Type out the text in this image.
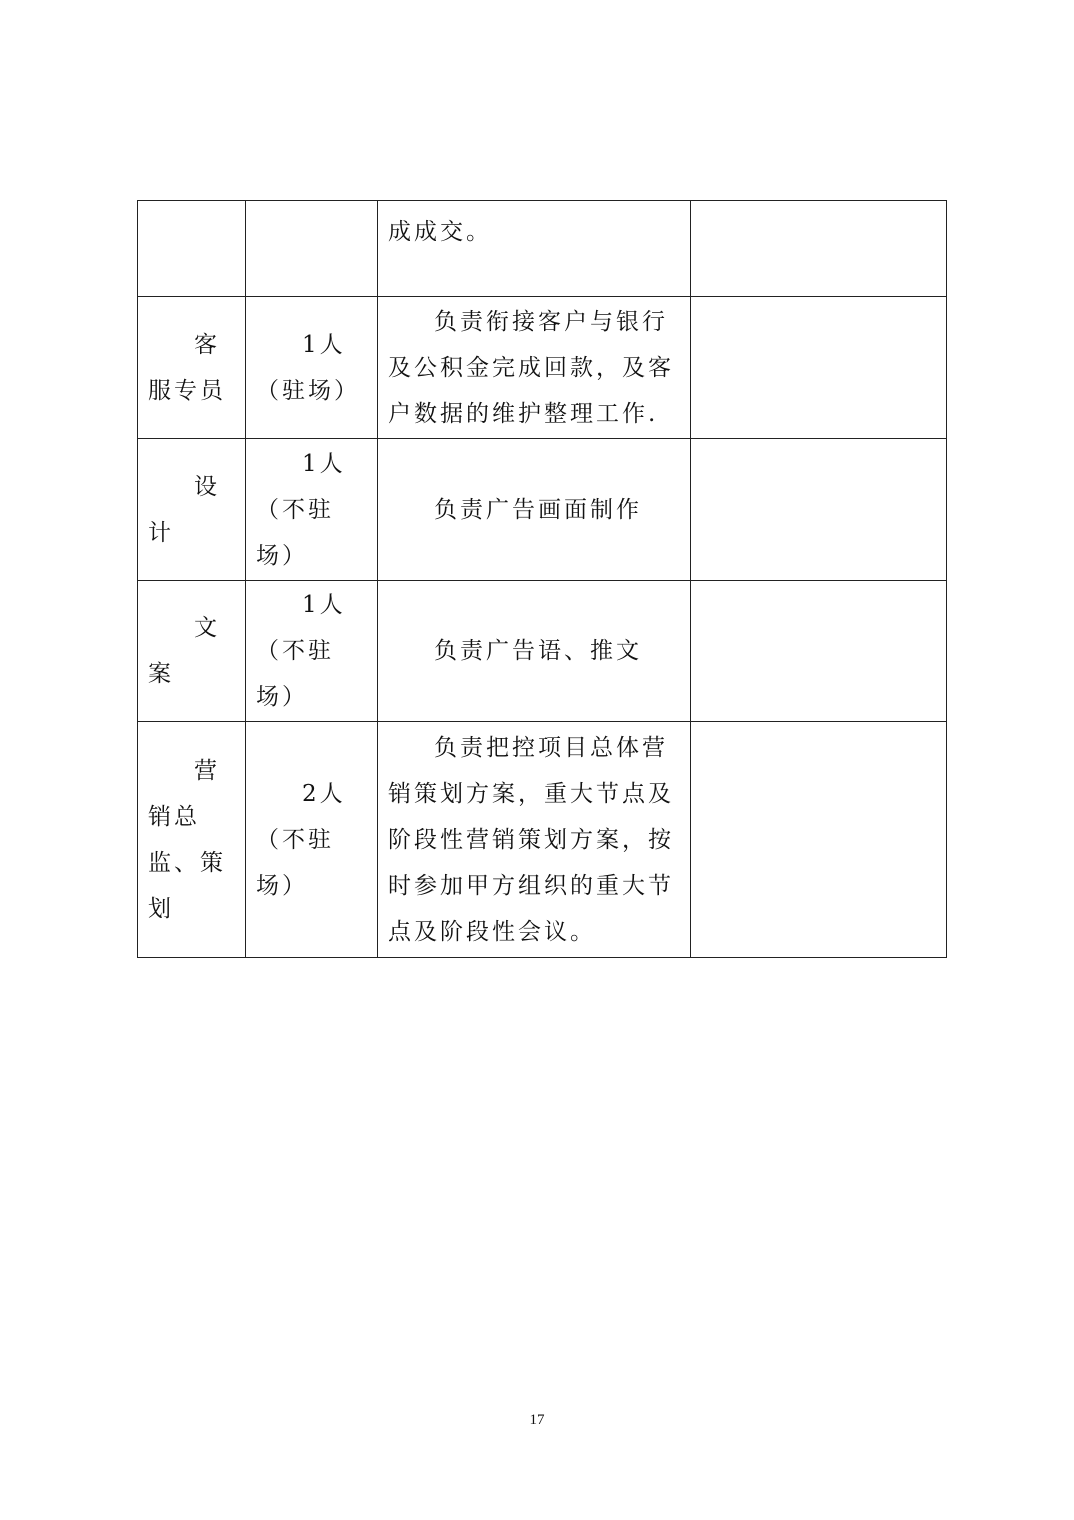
		成成交。	

客服专员	1人（驻场）	负责衔接客户与银行及公积金完成回款，及客户数据的维护整理工作.	

设计	1人（不驻场）	负责广告画面制作	

文案	1人（不驻场）	负责广告语、推文	

营销总监、策划	2人（不驻场）	负责把控项目总体营销策划方案，重大节点及阶段性营销策划方案，按时参加甲方组织的重大节点及阶段性会议。	

17
